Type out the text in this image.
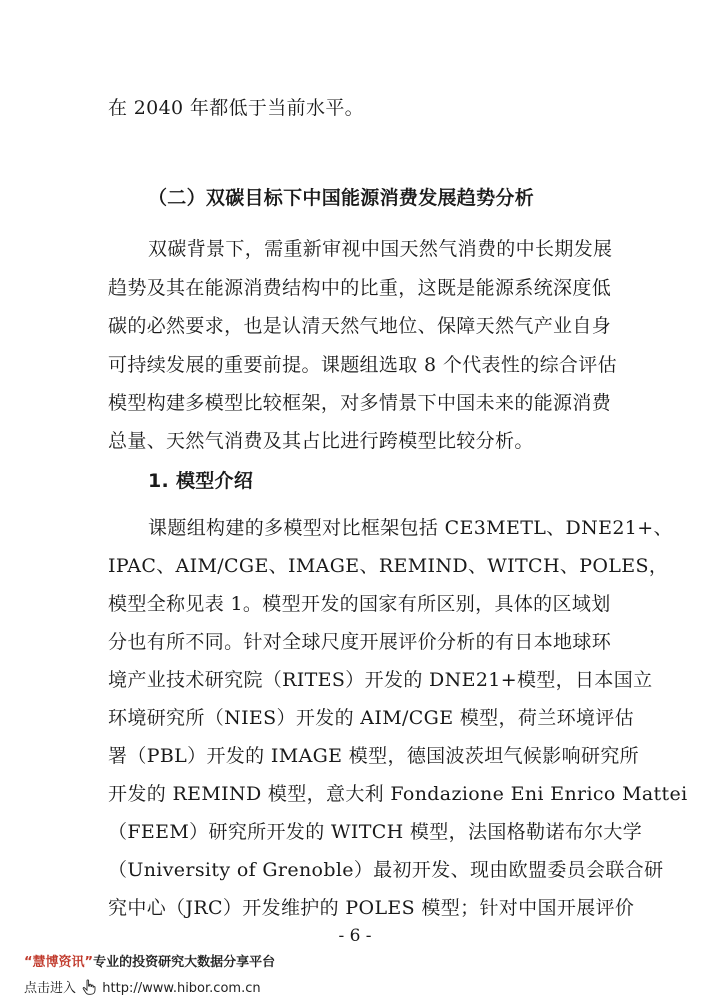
在 2040 年都低于当前水平。
（二）双碳目标下中国能源消费发展趋势分析
双碳背景下，需重新审视中国天然气消费的中长期发展
趋势及其在能源消费结构中的比重，这既是能源系统深度低
碳的必然要求，也是认清天然气地位、保障天然气产业自身
可持续发展的重要前提。课题组选取 8 个代表性的综合评估
模型构建多模型比较框架，对多情景下中国未来的能源消费
总量、天然气消费及其占比进行跨模型比较分析。
1. 模型介绍
课题组构建的多模型对比框架包括 CE3METL、DNE21+、
IPAC、AIM/CGE、IMAGE、REMIND、WITCH、POLES，
模型全称见表 1。模型开发的国家有所区别，具体的区域划
分也有所不同。针对全球尺度开展评价分析的有日本地球环
境产业技术研究院（RITES）开发的 DNE21+模型，日本国立
环境研究所（NIES）开发的 AIM/CGE 模型，荷兰环境评估
署（PBL）开发的 IMAGE 模型，德国波茨坦气候影响研究所
开发的 REMIND 模型，意大利 Fondazione Eni Enrico Mattei
（FEEM）研究所开发的 WITCH 模型，法国格勒诺布尔大学
（University of Grenoble）最初开发、现由欧盟委员会联合研
究中心（JRC）开发维护的 POLES 模型；针对中国开展评价
- 6 -
“慧博资讯”专业的投资研究大数据分享平台
点击进入 http://www.hibor.com.cn
